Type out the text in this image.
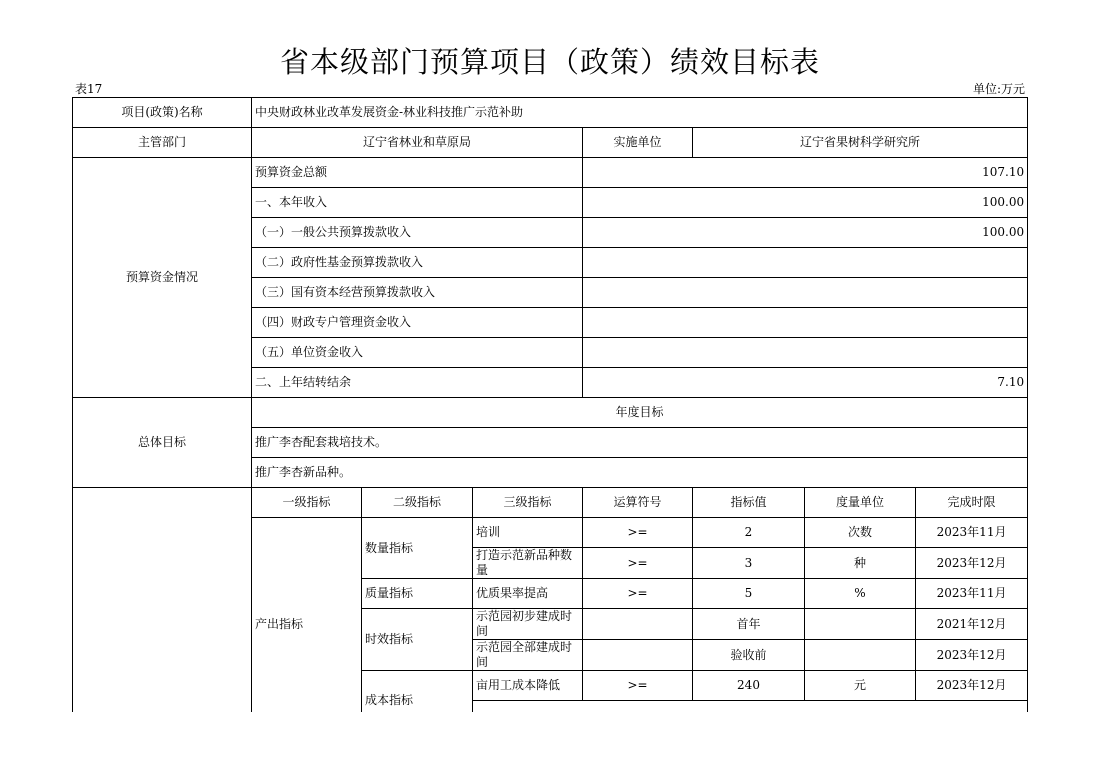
省本级部门预算项目（政策）绩效目标表
表17	单位:万元
项目(政策)名称	中央财政林业改革发展资金-林业科技推广示范补助						
主管部门	辽宁省林业和草原局			实施单位	辽宁省果树科学研究所		
预算资金情况	预算资金总额			107.10			
	一、本年收入			100.00			
	（一）一般公共预算拨款收入			100.00			
	（二）政府性基金预算拨款收入						
	（三）国有资本经营预算拨款收入						
	（四）财政专户管理资金收入						
	（五）单位资金收入						
	二、上年结转结余			7.10			
总体目标	年度目标						
	推广李杏配套栽培技术。						
	推广李杏新品种。						
	一级指标	二级指标	三级指标	运算符号	指标值	度量单位	完成时限
	产出指标	数量指标	培训	>=	2	次数	2023年11月
			打造示范新品种数量	>=	3	种	2023年12月
		质量指标	优质果率提高	>=	5	%	2023年11月
		时效指标	示范园初步建成时间		首年		2021年12月
			示范园全部建成时间		验收前		2023年12月
		成本指标	亩用工成本降低	>=	240	元	2023年12月
